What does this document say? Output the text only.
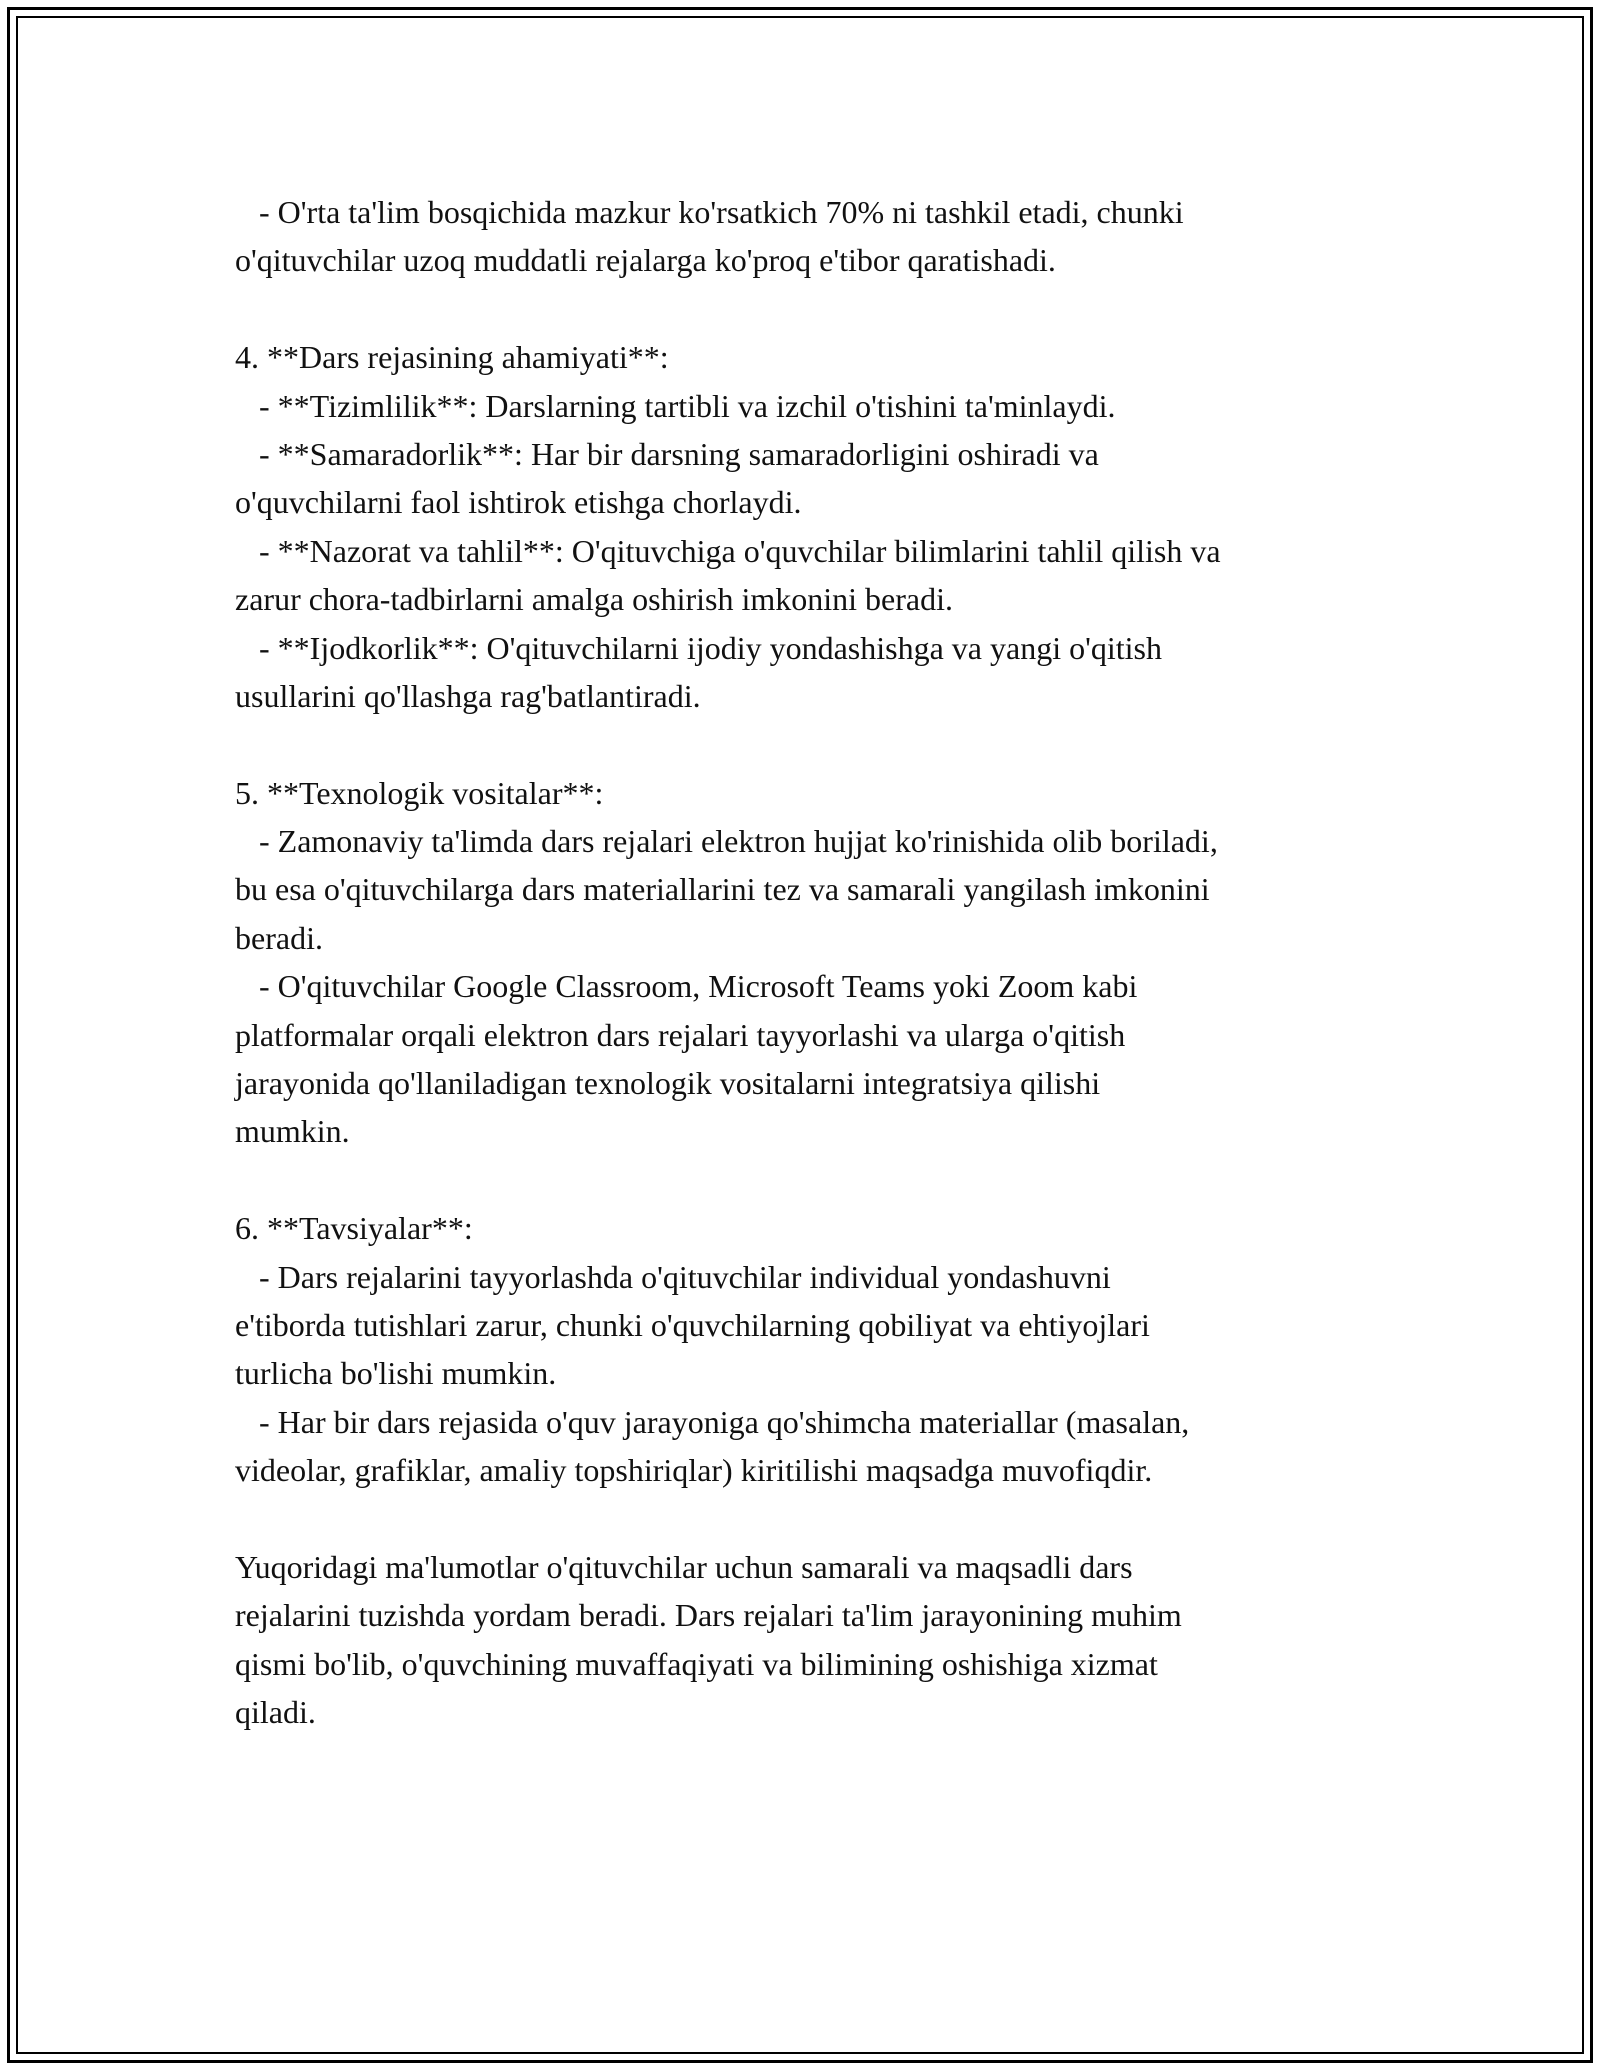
- O'rta ta'lim bosqichida mazkur ko'rsatkich 70% ni tashkil etadi, chunki
o'qituvchilar uzoq muddatli rejalarga ko'proq e'tibor qaratishadi.
4. **Dars rejasining ahamiyati**:
- **Tizimlilik**: Darslarning tartibli va izchil o'tishini ta'minlaydi.
- **Samaradorlik**: Har bir darsning samaradorligini oshiradi va
o'quvchilarni faol ishtirok etishga chorlaydi.
- **Nazorat va tahlil**: O'qituvchiga o'quvchilar bilimlarini tahlil qilish va
zarur chora-tadbirlarni amalga oshirish imkonini beradi.
- **Ijodkorlik**: O'qituvchilarni ijodiy yondashishga va yangi o'qitish
usullarini qo'llashga rag'batlantiradi.
5. **Texnologik vositalar**:
- Zamonaviy ta'limda dars rejalari elektron hujjat ko'rinishida olib boriladi,
bu esa o'qituvchilarga dars materiallarini tez va samarali yangilash imkonini
beradi.
- O'qituvchilar Google Classroom, Microsoft Teams yoki Zoom kabi
platformalar orqali elektron dars rejalari tayyorlashi va ularga o'qitish
jarayonida qo'llaniladigan texnologik vositalarni integratsiya qilishi
mumkin.
6. **Tavsiyalar**:
- Dars rejalarini tayyorlashda o'qituvchilar individual yondashuvni
e'tiborda tutishlari zarur, chunki o'quvchilarning qobiliyat va ehtiyojlari
turlicha bo'lishi mumkin.
- Har bir dars rejasida o'quv jarayoniga qo'shimcha materiallar (masalan,
videolar, grafiklar, amaliy topshiriqlar) kiritilishi maqsadga muvofiqdir.
Yuqoridagi ma'lumotlar o'qituvchilar uchun samarali va maqsadli dars
rejalarini tuzishda yordam beradi. Dars rejalari ta'lim jarayonining muhim
qismi bo'lib, o'quvchining muvaffaqiyati va bilimining oshishiga xizmat
qiladi.
